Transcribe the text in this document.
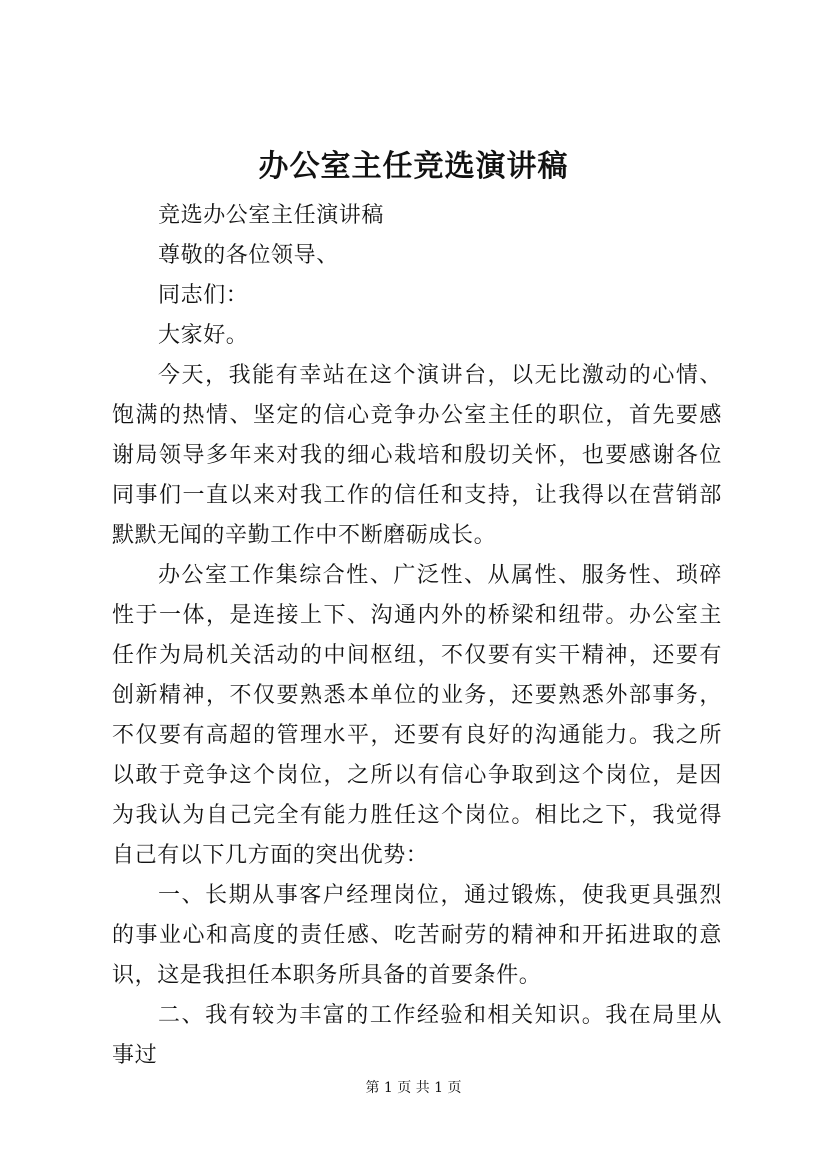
办公室主任竞选演讲稿

竞选办公室主任演讲稿

尊敬的各位领导、

同志们：

大家好。

今天，我能有幸站在这个演讲台，以无比激动的心情、饱满的热情、坚定的信心竞争办公室主任的职位，首先要感谢局领导多年来对我的细心栽培和殷切关怀，也要感谢各位同事们一直以来对我工作的信任和支持，让我得以在营销部默默无闻的辛勤工作中不断磨砺成长。

办公室工作集综合性、广泛性、从属性、服务性、琐碎性于一体，是连接上下、沟通内外的桥梁和纽带。办公室主任作为局机关活动的中间枢纽，不仅要有实干精神，还要有创新精神，不仅要熟悉本单位的业务，还要熟悉外部事务，不仅要有高超的管理水平，还要有良好的沟通能力。我之所以敢于竞争这个岗位，之所以有信心争取到这个岗位，是因为我认为自己完全有能力胜任这个岗位。相比之下，我觉得自己有以下几方面的突出优势：

一、长期从事客户经理岗位，通过锻炼，使我更具强烈的事业心和高度的责任感、吃苦耐劳的精神和开拓进取的意识，这是我担任本职务所具备的首要条件。

二、我有较为丰富的工作经验和相关知识。我在局里从事过

第 1 页 共 1 页
